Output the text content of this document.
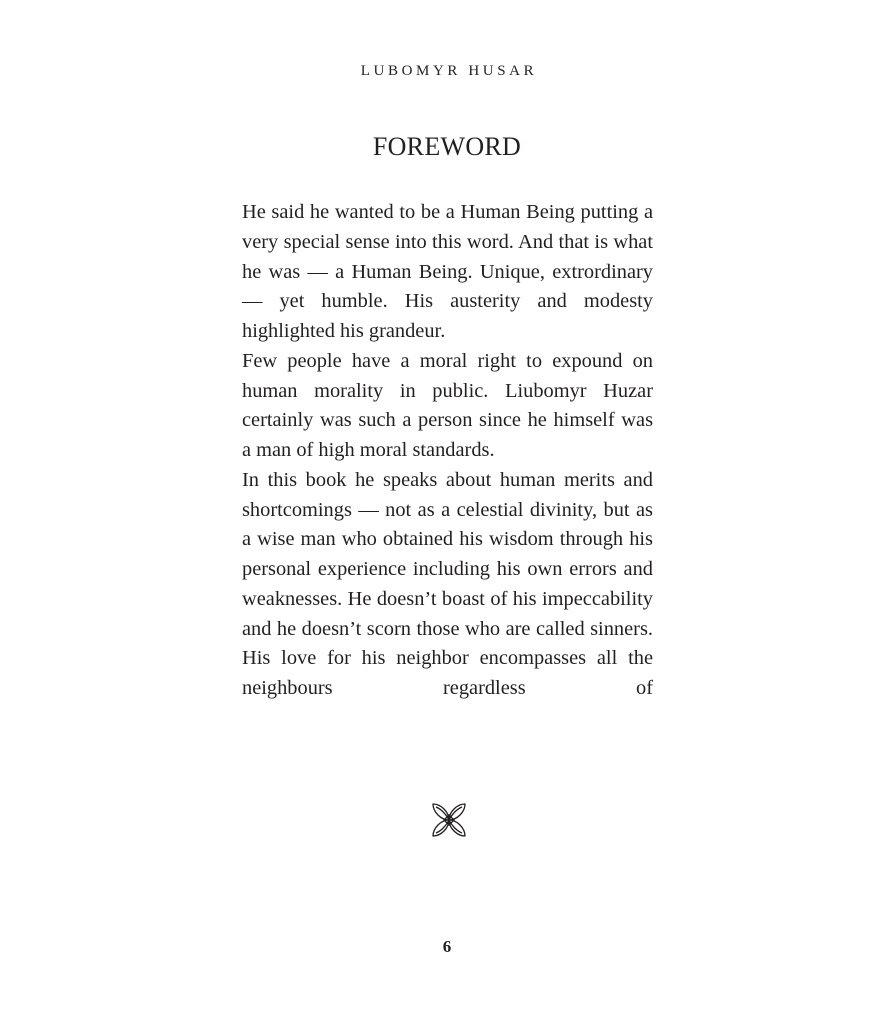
LUBOMYR HUSAR
FOREWORD

He said he wanted to be a Human Being putting a very special sense into this word. And that is what he was — a Human Being. Unique, extrordinary — yet humble. His austerity and modesty highlighted his grandeur.

Few people have a moral right to expound on human morality in public. Liubomyr Huzar certainly was such a person since he himself was a man of high moral standards.

In this book he speaks about human merits and shortcomings — not as a celestial divinity, but as a wise man who obtained his wisdom through his personal experience including his own errors and weaknesses. He doesn’t boast of his impeccability and he doesn’t scorn those who are called sinners. His love for his neighbor encompasses all the neighbours regardless of

6
